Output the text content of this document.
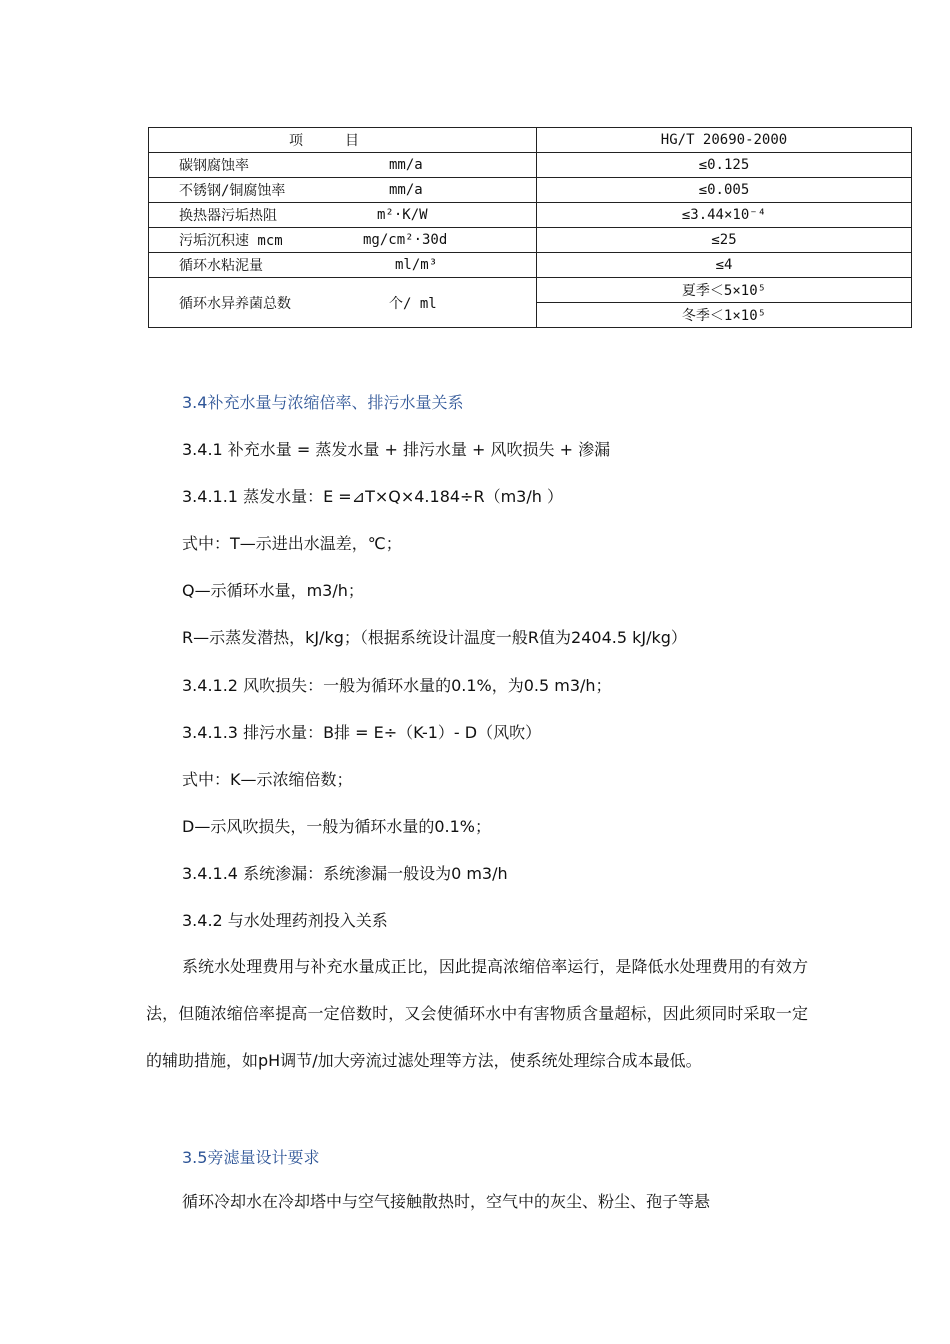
项　　　目	HG/T 20690-2000

碳钢腐蚀率 mm/a	≤0.125

不锈钢/铜腐蚀率 mm/a	≤0.005

换热器污垢热阻 m²·K/W	≤3.44×10⁻⁴

污垢沉积速 mcm mg/cm²·30d	≤25

循环水粘泥量 ml/m³	≤4

循环水异养菌总数 个/ ml	夏季＜5×10⁵
	冬季＜1×10⁵
3.4补充水量与浓缩倍率、排污水量关系
3.4.1 补充水量 = 蒸发水量 + 排污水量 + 风吹损失 + 渗漏
3.4.1.1 蒸发水量：E =⊿T×Q×4.184÷R（m3/h ）
式中：T—示进出水温差，℃；
Q—示循环水量，m3/h；
R—示蒸发潜热，kJ/kg；（根据系统设计温度一般R值为2404.5 kJ/kg）
3.4.1.2 风吹损失：一般为循环水量的0.1%，为0.5 m3/h；
3.4.1.3 排污水量：B排 = E÷（K-1）- D（风吹）
式中：K—示浓缩倍数；
D—示风吹损失，一般为循环水量的0.1%；
3.4.1.4 系统渗漏：系统渗漏一般设为0 m3/h
3.4.2 与水处理药剂投入关系
系统水处理费用与补充水量成正比，因此提高浓缩倍率运行，是降低水处理费用的有效方法，但随浓缩倍率提高一定倍数时，又会使循环水中有害物质含量超标，因此须同时采取一定的辅助措施，如pH调节/加大旁流过滤处理等方法，使系统处理综合成本最低。
3.5旁滤量设计要求
循环冷却水在冷却塔中与空气接触散热时，空气中的灰尘、粉尘、孢子等悬
